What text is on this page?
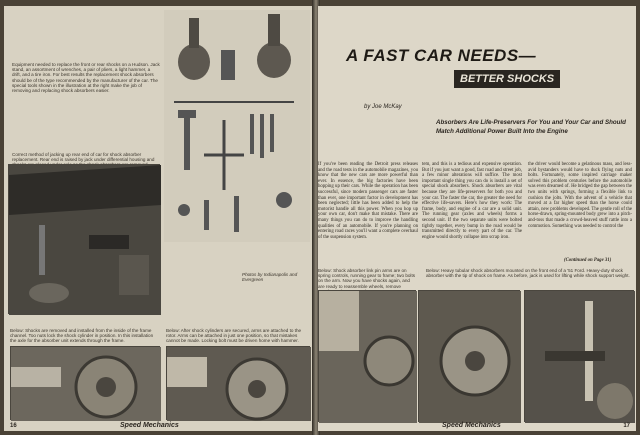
Equipment needed to replace the front or rear shocks on a Hudson. Jack stand, an assortment of wrenches, a pair of pliers, a light hammer, a drift, and a tire iron. For best results the replacement shock absorbers should be of the type recommended by the manufacturer of the car. The special tools shown in the illustration at the right make the job of removing and replacing shock absorbers easier.
Photos by Indianapolis and Evergreen
Correct method of jacking up rear end of car for shock absorber replacement. Rear end is raised by jack under differential housing and
Below: Shocks are removed and installed from the inside of the frame channel. Too nuts lock the shock cylinder in position. In this installation the axle for the absorber unit extends through the frame.
Below: After shock cylinders are secured, arms are attached to the rotor. Arms can be attached in just one position, so that mistakes cannot be made. Locking bolt must be driven home with hammer.
16	Speed Mechanics
A FAST CAR NEEDS—
BETTER SHOCKS
by Joe McKay
Absorbers Are Life-Preservers For You and Your Car and Should Match Additional Power Built Into the Engine
If you've been reading the Detroit press releases and the road tests in the automobile magazines, you know that the new cars are more powerful than ever. In essence, the big factories have been hopping up their cars. While the operation has been successful, since modern passenger cars are faster than ever, one important factor in development has been neglected; little has been added to help the motorist handle all this power. When you hop up your own car, don't make that mistake. There are many things you can do to improve the handling qualities of an automobile. If you're planning on entering road races you'll want a complete overhaul of the suspension system.
tem, and this is a tedious and expensive operation. But if you just want a good, fast road and street job, a few minor alterations will suffice. The most important single thing you can do is install a set of special shock absorbers. Shock absorbers are vital because they are life-preservers for both you and your car. The faster the car, the greater the need for effective life-savers. Here's how they work: The frame, body, and engine of a car are a solid unit. The running gear (axles and wheels) forms a second unit. If the two separate units were bolted tightly together, every bump in the road would be transmitted directly to every part of the car. The engine would shortly collapse into scrap iron.
the driver would become a gelatinous mass, and less-avid bystanders would have to duck flying nuts and bolts. Fortunately, some inspired carriage maker solved this problem centuries before the automobile was even dreamed of. He bridged the gap between the two units with springs, forming a flexible link to cushion the jolts. With the advent of a vehicle that moved at a far higher speed than the horse could attain, new problems developed. The gentle roll of the horse-drawn, spring-mounted body grew into a pitch-and-toss that made a crowd-heaved stuff rattle into a commotion. Something was needed to control the
(Continued on Page 31)
Below: Shock absorber link pin arms are on spring controls, running gear to frame; two bolts on the arm. Now you have shocks again, and are ready to reassemble wheels, remove
Below: Heavy tubular shock absorbers mounted on the front end of a '51 Ford. Heavy-duty shock absorber with the tip of shock on frame. As before, jack is used for lifting while shock support weight.
Speed Mechanics	17
